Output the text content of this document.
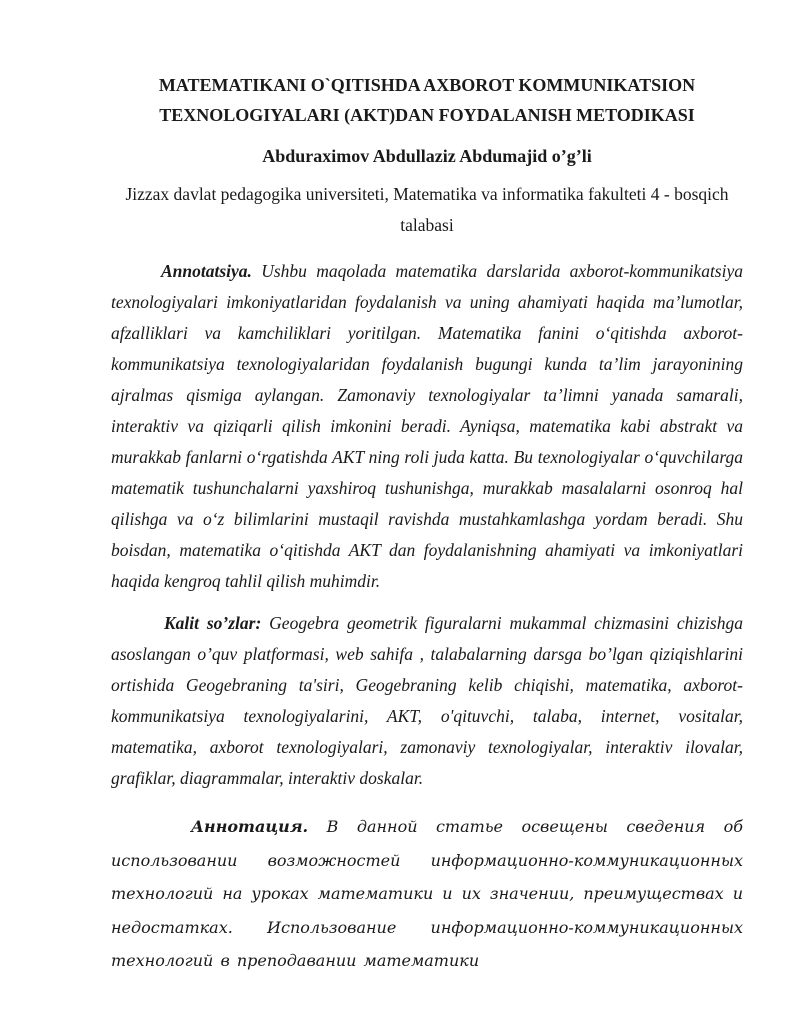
MATEMATIKANI O`QITISHDA AXBOROT KOMMUNIKATSION
TEXNOLOGIYALARI (AKT)DAN FOYDALANISH METODIKASI
Abduraximov Abdullaziz Abdumajid o’g’li
Jizzax davlat pedagogika universiteti, Matematika va informatika fakulteti 4 - bosqich talabasi

Annotatsiya. Ushbu maqolada matematika darslarida axborot-kommunikatsiya texnologiyalari imkoniyatlaridan foydalanish va uning ahamiyati haqida ma’lumotlar, afzalliklari va kamchiliklari yoritilgan. Matematika fanini o‘qitishda axborot-kommunikatsiya texnologiyalaridan foydalanish bugungi kunda ta’lim jarayonining ajralmas qismiga aylangan. Zamonaviy texnologiyalar ta’limni yanada samarali, interaktiv va qiziqarli qilish imkonini beradi. Ayniqsa, matematika kabi abstrakt va murakkab fanlarni o‘rgatishda AKT ning roli juda katta. Bu texnologiyalar o‘quvchilarga matematik tushunchalarni yaxshiroq tushunishga, murakkab masalalarni osonroq hal qilishga va o‘z bilimlarini mustaqil ravishda mustahkamlashga yordam beradi. Shu boisdan, matematika o‘qitishda AKT dan foydalanishning ahamiyati va imkoniyatlari haqida kengroq tahlil qilish muhimdir.

Kalit so’zlar: Geogebra geometrik figuralarni mukammal chizmasini chizishga asoslangan o’quv platformasi, web sahifa , talabalarning darsga bo’lgan qiziqishlarini ortishida Geogebraning ta'siri, Geogebraning kelib chiqishi, matematika, axborot-kommunikatsiya texnologiyalarini, AKT, o'qituvchi, talaba, internet, vositalar, matematika, axborot texnologiyalari, zamonaviy texnologiyalar, interaktiv ilovalar, grafiklar, diagrammalar, interaktiv doskalar.

Аннотация. В данной статье освещены сведения об использовании возможностей информационно-коммуникационных технологий на уроках математики и их значении, преимуществах и недостатках. Использование информационно-коммуникационных технологий в преподавании математики
